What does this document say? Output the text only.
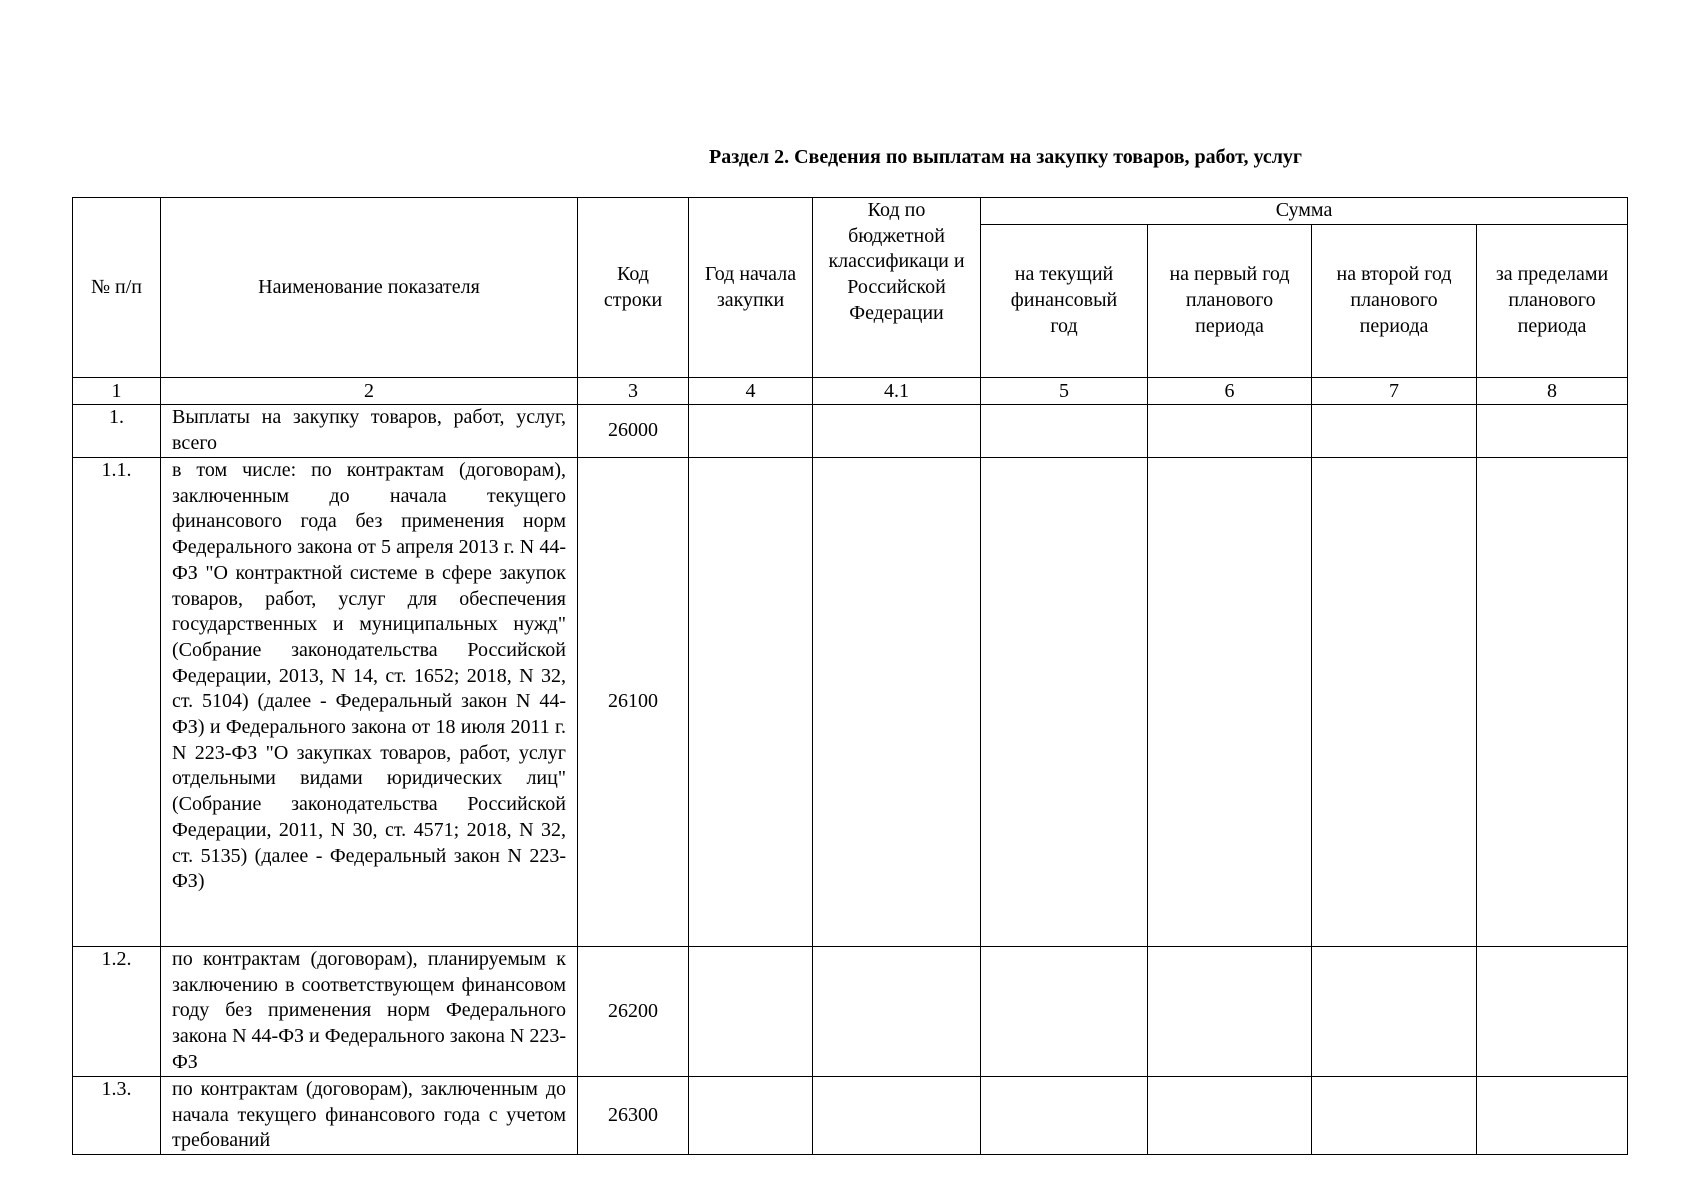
Раздел 2. Сведения по выплатам на закупку товаров, работ, услуг
№ п/п	Наименование показателя	Код строки	Год начала закупки	Код по бюджетной классификаци и Российской Федерации	Сумма			
					на текущий финансовый год	на первый год планового периода	на второй год планового периода	за пределами планового периода
1	2	3	4	4.1	5	6	7	8
1.	Выплаты на закупку товаров, работ, услуг, всего	26000						
1.1.	в том числе: по контрактам (договорам), заключенным до начала текущего финансового года без применения норм Федерального закона от 5 апреля 2013 г. N 44-ФЗ "О контрактной системе в сфере закупок товаров, работ, услуг для обеспечения государственных и муниципальных нужд" (Собрание законодательства Российской Федерации, 2013, N 14, ст. 1652; 2018, N 32, ст. 5104) (далее - Федеральный закон N 44-ФЗ) и Федерального закона от 18 июля 2011 г. N 223-ФЗ "О закупках товаров, работ, услуг отдельными видами юридических лиц" (Собрание законодательства Российской Федерации, 2011, N 30, ст. 4571; 2018, N 32, ст. 5135) (далее - Федеральный закон N 223-ФЗ)	26100						
1.2.	по контрактам (договорам), планируемым к заключению в соответствующем финансовом году без применения норм Федерального закона N 44-ФЗ и Федерального закона N 223-ФЗ	26200						
1.3.	по контрактам (договорам), заключенным до начала текущего финансового года с учетом требований	26300						
